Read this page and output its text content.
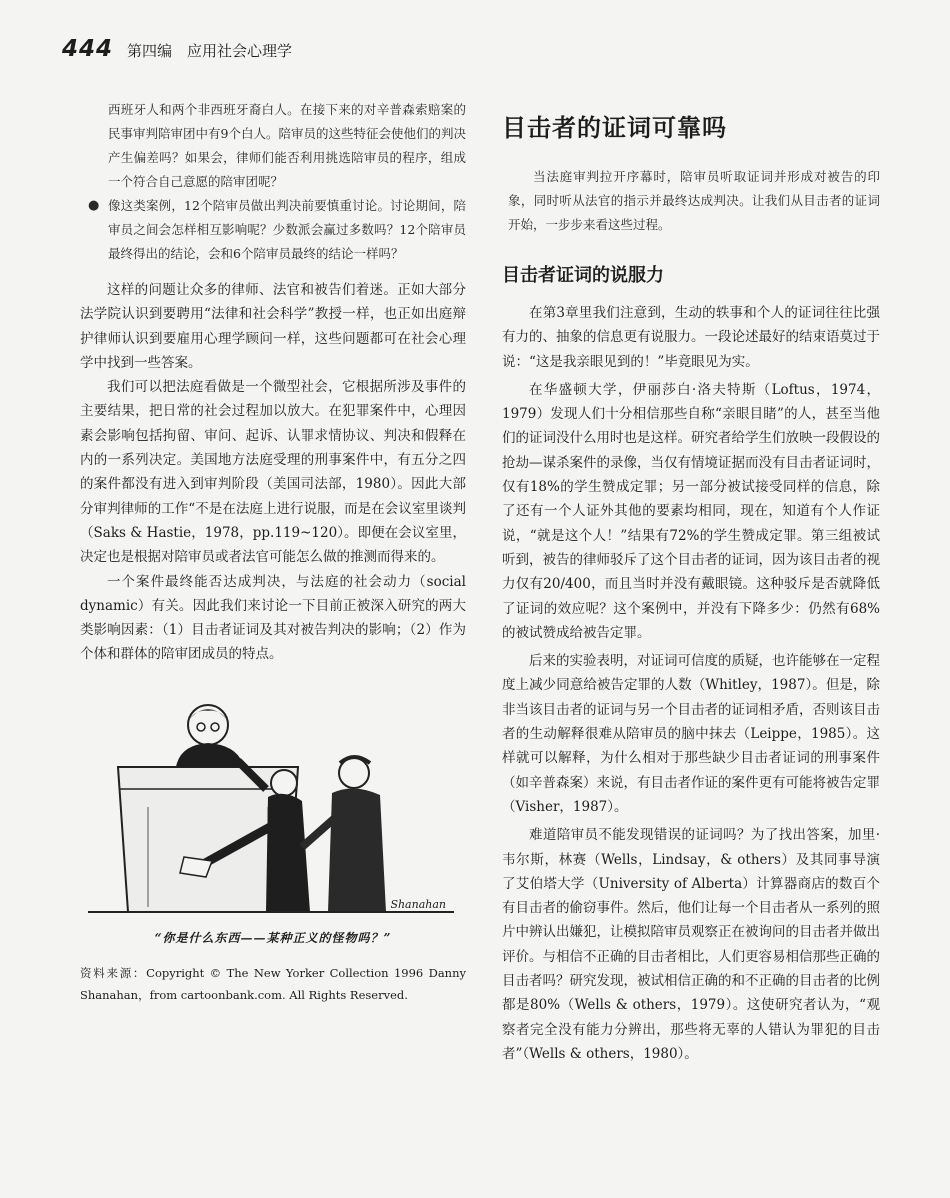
444 第四编　应用社会心理学

西班牙人和两个非西班牙裔白人。在接下来的对辛普森索赔案的民事审判陪审团中有9个白人。陪审员的这些特征会使他们的判决产生偏差吗？如果会，律师们能否利用挑选陪审员的程序，组成一个符合自己意愿的陪审团呢？

● 像这类案例，12个陪审员做出判决前要慎重讨论。讨论期间，陪审员之间会怎样相互影响呢？少数派会赢过多数吗？12个陪审员最终得出的结论，会和6个陪审员最终的结论一样吗？

这样的问题让众多的律师、法官和被告们着迷。正如大部分法学院认识到要聘用“法律和社会科学”教授一样，也正如出庭辩护律师认识到要雇用心理学顾问一样，这些问题都可在社会心理学中找到一些答案。

我们可以把法庭看做是一个微型社会，它根据所涉及事件的主要结果，把日常的社会过程加以放大。在犯罪案件中，心理因素会影响包括拘留、审问、起诉、认罪求情协议、判决和假释在内的一系列决定。美国地方法庭受理的刑事案件中，有五分之四的案件都没有进入到审判阶段（美国司法部，1980）。因此大部分审判律师的工作“不是在法庭上进行说服，而是在会议室里谈判（Saks & Hastie，1978，pp.119~120）。即便在会议室里，决定也是根据对陪审员或者法官可能怎么做的推测而得来的。

一个案件最终能否达成判决，与法庭的社会动力（social dynamic）有关。因此我们来讨论一下目前正被深入研究的两大类影响因素：（1）目击者证词及其对被告判决的影响；（2）作为个体和群体的陪审团成员的特点。

Shanahan
“你是什么东西——某种正义的怪物吗？”
资料来源：Copyright © The New Yorker Collection 1996 Danny Shanahan，from cartoonbank.com. All Rights Reserved.
目击者的证词可靠吗

当法庭审判拉开序幕时，陪审员听取证词并形成对被告的印象，同时听从法官的指示并最终达成判决。让我们从目击者的证词开始，一步步来看这些过程。

目击者证词的说服力

在第3章里我们注意到，生动的轶事和个人的证词往往比强有力的、抽象的信息更有说服力。一段论述最好的结束语莫过于说：“这是我亲眼见到的！”毕竟眼见为实。

在华盛顿大学，伊丽莎白·洛夫特斯（Loftus，1974，1979）发现人们十分相信那些自称“亲眼目睹”的人，甚至当他们的证词没什么用时也是这样。研究者给学生们放映一段假设的抢劫—谋杀案件的录像，当仅有情境证据而没有目击者证词时，仅有18%的学生赞成定罪；另一部分被试接受同样的信息，除了还有一个人证外其他的要素均相同，现在，知道有个人作证说，“就是这个人！”结果有72%的学生赞成定罪。第三组被试听到，被告的律师驳斥了这个目击者的证词，因为该目击者的视力仅有20/400，而且当时并没有戴眼镜。这种驳斥是否就降低了证词的效应呢？这个案例中，并没有下降多少：仍然有68%的被试赞成给被告定罪。

后来的实验表明，对证词可信度的质疑，也许能够在一定程度上减少同意给被告定罪的人数（Whitley，1987）。但是，除非当该目击者的证词与另一个目击者的证词相矛盾，否则该目击者的生动解释很难从陪审员的脑中抹去（Leippe，1985）。这样就可以解释，为什么相对于那些缺少目击者证词的刑事案件（如辛普森案）来说，有目击者作证的案件更有可能将被告定罪（Visher，1987）。

难道陪审员不能发现错误的证词吗？为了找出答案，加里·韦尔斯，林赛（Wells，Lindsay，& others）及其同事导演了艾伯塔大学（University of Alberta）计算器商店的数百个有目击者的偷窃事件。然后，他们让每一个目击者从一系列的照片中辨认出嫌犯，让模拟陪审员观察正在被询问的目击者并做出评价。与相信不正确的目击者相比，人们更容易相信那些正确的目击者吗？研究发现，被试相信正确的和不正确的目击者的比例都是80%（Wells & others，1979）。这使研究者认为，“观察者完全没有能力分辨出，那些将无辜的人错认为罪犯的目击者”（Wells & others，1980）。
